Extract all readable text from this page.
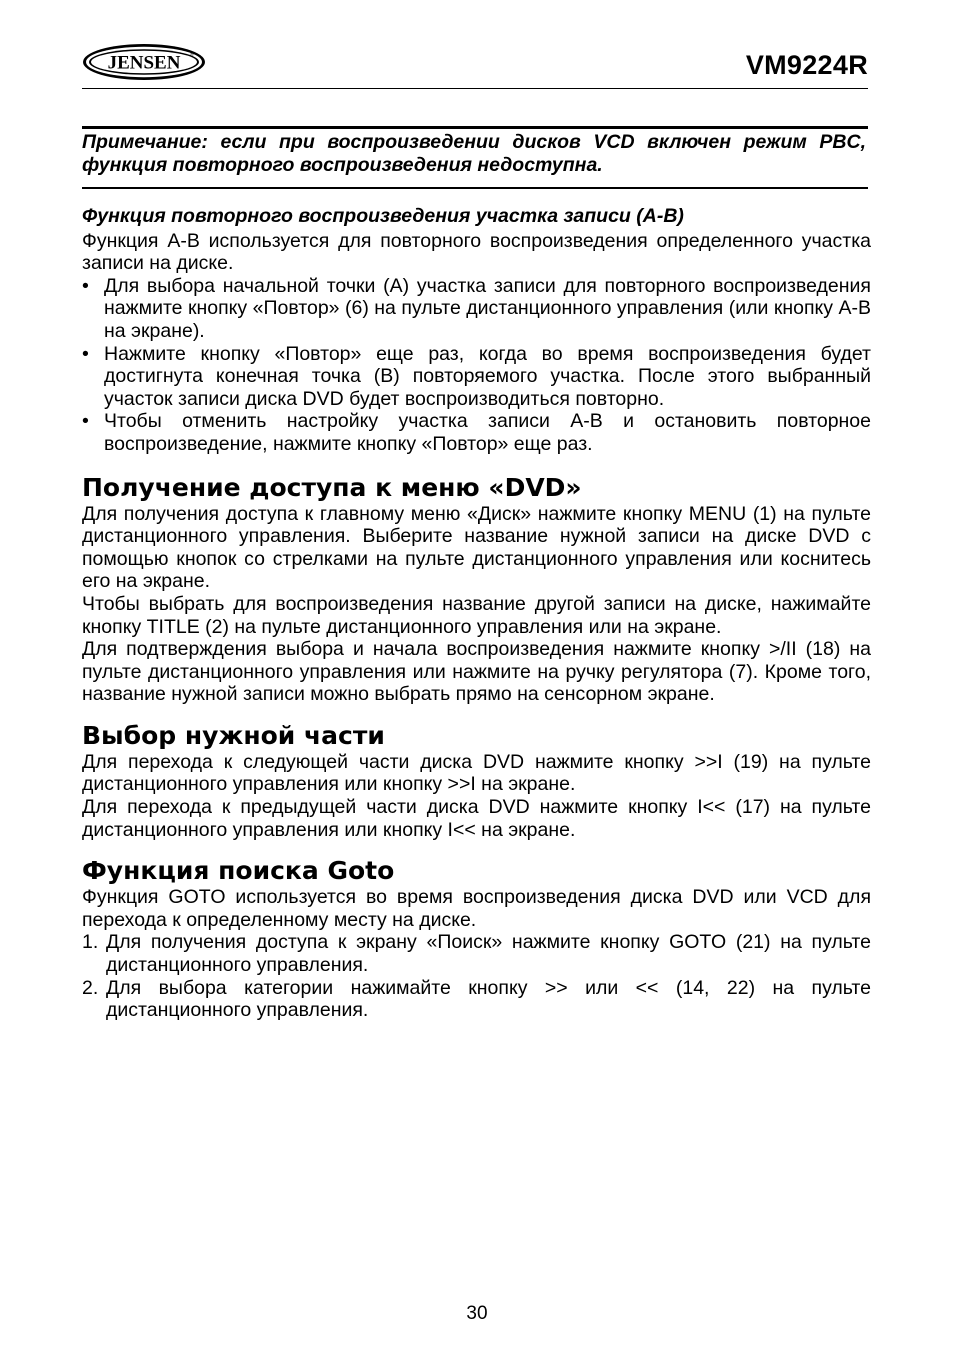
JENSEN ®	VM9224R
Примечание: если при воспроизведении дисков VCD включен режим PBC, функция повторного воспроизведения недоступна.
Функция повторного воспроизведения участка записи (A-B)

Функция A-B используется для повторного воспроизведения определенного участка записи на диске.

• Для выбора начальной точки (А) участка записи для повторного воспроизведения нажмите кнопку «Повтор» (6) на пульте дистанционного управления (или кнопку A-B на экране).
• Нажмите кнопку «Повтор» еще раз, когда во время воспроизведения будет достигнута конечная точка (В) повторяемого участка. После этого выбранный участок записи диска DVD будет воспроизводиться повторно.
• Чтобы отменить настройку участка записи A-B и остановить повторное воспроизведение, нажмите кнопку «Повтор» еще раз.
Получение доступа к меню «DVD»

Для получения доступа к главному меню «Диск» нажмите кнопку MENU (1) на пульте дистанционного управления. Выберите название нужной записи на диске DVD с помощью кнопок со стрелками на пульте дистанционного управления или коснитесь его на экране.

Чтобы выбрать для воспроизведения название другой записи на диске, нажимайте кнопку TITLE (2) на пульте дистанционного управления или на экране.

Для подтверждения выбора и начала воспроизведения нажмите кнопку >/II (18) на пульте дистанционного управления или нажмите на ручку регулятора (7). Кроме того, название нужной записи можно выбрать прямо на сенсорном экране.

Выбор нужной части

Для перехода к следующей части диска DVD нажмите кнопку >>I (19) на пульте дистанционного управления или кнопку >>I на экране.

Для перехода к предыдущей части диска DVD нажмите кнопку I<< (17) на пульте дистанционного управления или кнопку I<< на экране.

Функция поиска Goto

Функция GOTO используется во время воспроизведения диска DVD или VCD для перехода к определенному месту на диске.

1. Для получения доступа к экрану «Поиск» нажмите кнопку GOTO (21) на пульте дистанционного управления.
2. Для выбора категории нажимайте кнопку >> или << (14, 22) на пульте дистанционного управления.
30
